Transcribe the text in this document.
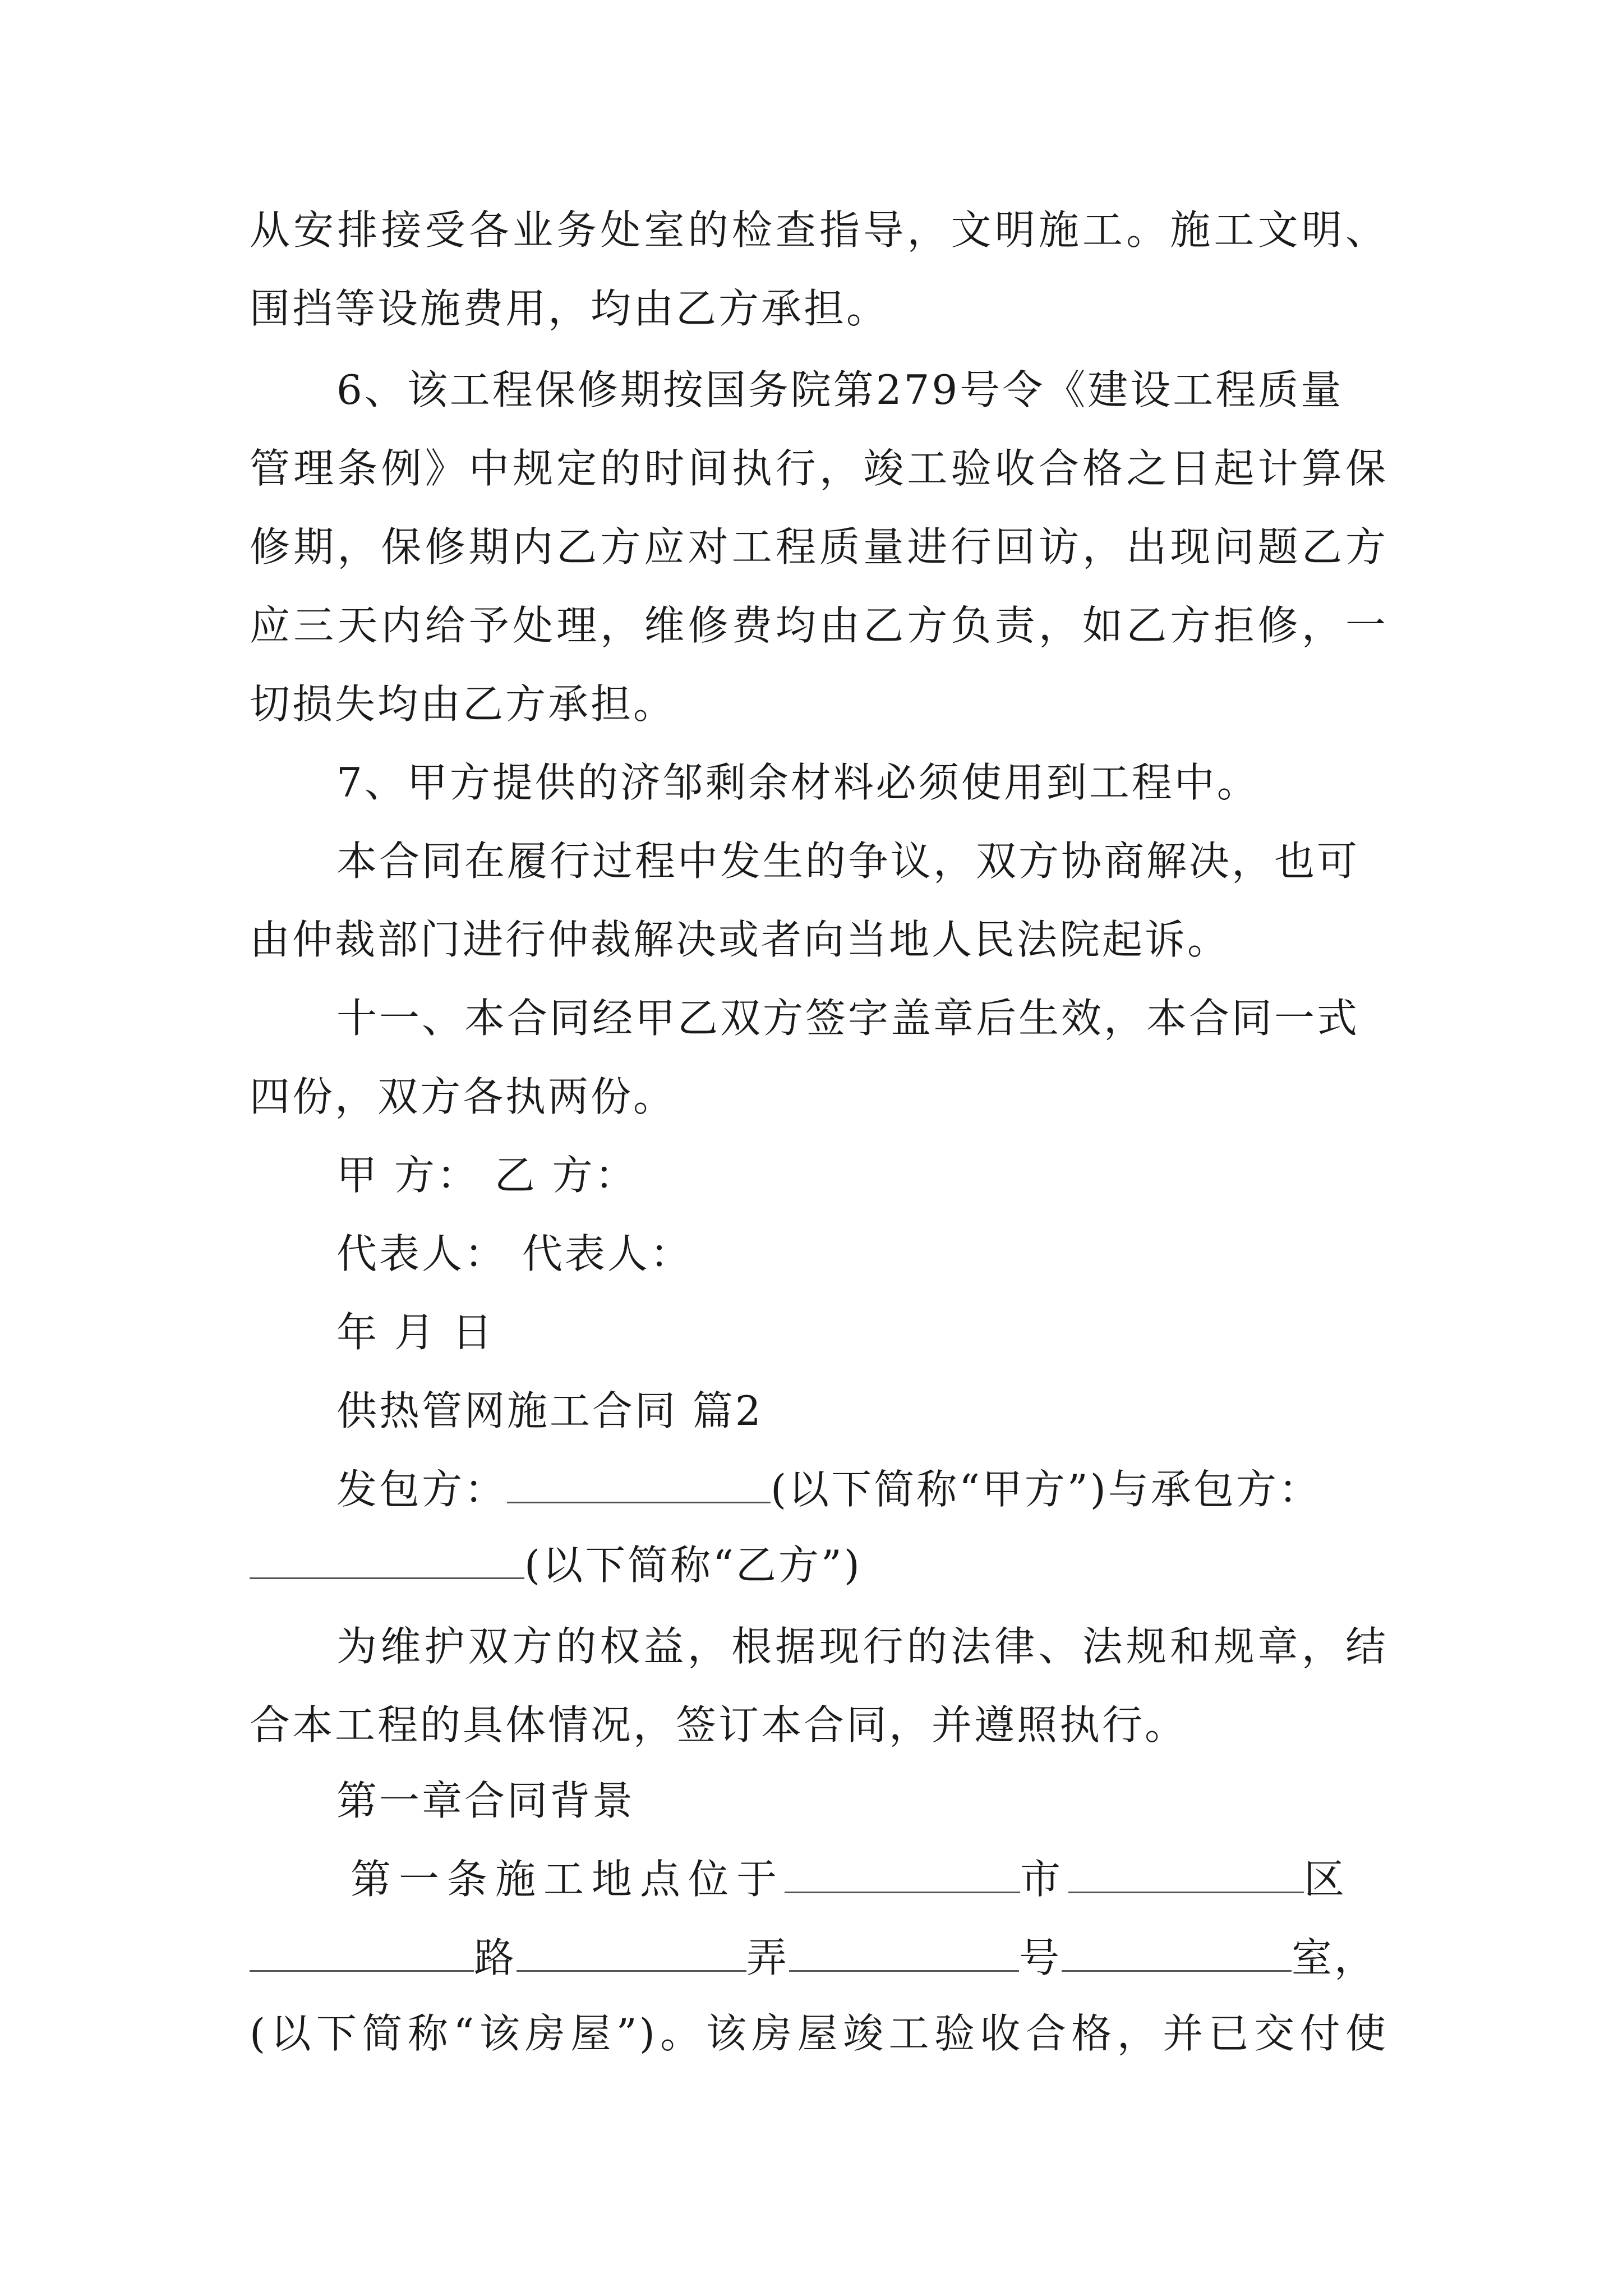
从安排接受各业务处室的检查指导，文明施工。施工文明、
围挡等设施费用，均由乙方承担。
6、该工程保修期按国务院第279号令《建设工程质量
管理条例》中规定的时间执行，竣工验收合格之日起计算保
修期，保修期内乙方应对工程质量进行回访，出现问题乙方
应三天内给予处理，维修费均由乙方负责，如乙方拒修，一
切损失均由乙方承担。
7、甲方提供的济邹剩余材料必须使用到工程中。
本合同在履行过程中发生的争议，双方协商解决，也可
由仲裁部门进行仲裁解决或者向当地人民法院起诉。
十一、本合同经甲乙双方签字盖章后生效，本合同一式
四份，双方各执两份。
甲 方： 乙 方：
代表人： 代表人：
年 月 日
供热管网施工合同 篇2
发包方：	(以下简称“甲方”)与承包方：
(以下简称“乙方”)
为维护双方的权益，根据现行的法律、法规和规章，结
合本工程的具体情况，签订本合同，并遵照执行。
第一章合同背景
第一条施工地点位于	市	区
路	弄	号	室，
(以下简称“该房屋”)。该房屋竣工验收合格，并已交付使
